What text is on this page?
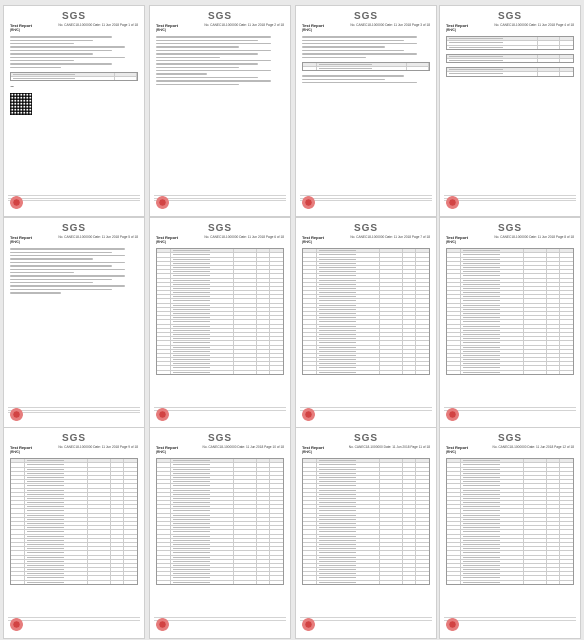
SGS
Test Report
(RH/C)
No. CANEC18-1000000 Date: 11 Jun 2018 Page 1 of 18
~
SGS
Test Report
(RH/C)
No. CANEC18-1000000 Date: 11 Jun 2018 Page 2 of 18
SGS
Test Report
(RH/C)
No. CANEC18-1000000 Date: 11 Jun 2018 Page 3 of 18
SGS
Test Report
(RH/C)
No. CANEC18-1000000 Date: 11 Jun 2018 Page 4 of 18
SGS
Test Report
(RH/C)
No. CANEC18-1000000 Date: 11 Jun 2018 Page 5 of 18
SGS
Test Report
(RH/C)
No. CANEC18-1000000 Date: 11 Jun 2018 Page 6 of 18
SGS
Test Report
(RH/C)
No. CANEC18-1000000 Date: 11 Jun 2018 Page 7 of 18
SGS
Test Report
(RH/C)
No. CANEC18-1000000 Date: 11 Jun 2018 Page 8 of 18
SGS
Test Report
(RH/C)
No. CANEC18-1000000 Date: 11 Jun 2018 Page 9 of 18
SGS
Test Report
(RH/C)
No. CANEC18-1000000 Date: 11 Jun 2018 Page 10 of 18
SGS
Test Report
(RH/C)
No. CANEC18-1000000 Date: 11 Jun 2018 Page 11 of 18
SGS
Test Report
(RH/C)
No. CANEC18-1000000 Date: 11 Jun 2018 Page 12 of 18
